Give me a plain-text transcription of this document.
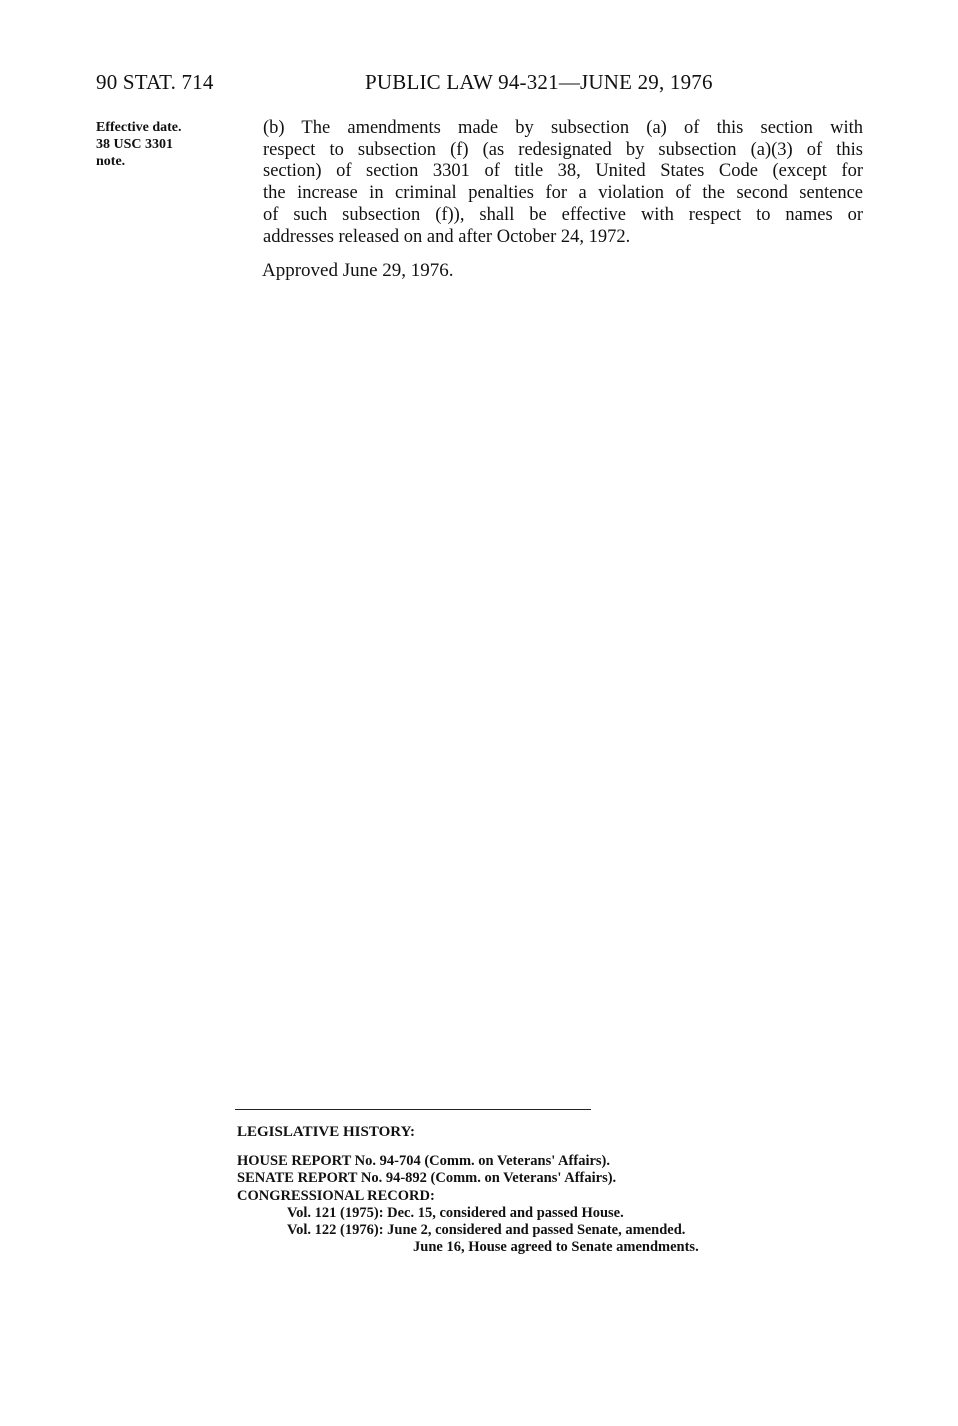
90 STAT. 714	PUBLIC LAW 94-321—JUNE 29, 1976
Effective date.
38 USC 3301
note.
(b) The amendments made by subsection (a) of this section with
respect to subsection (f) (as redesignated by subsection (a)(3) of this
section) of section 3301 of title 38, United States Code (except for
the increase in criminal penalties for a violation of the second sentence
of such subsection (f)), shall be effective with respect to names or
addresses released on and after October 24, 1972.
Approved June 29, 1976.
LEGISLATIVE HISTORY:
HOUSE REPORT No. 94-704 (Comm. on Veterans' Affairs).
SENATE REPORT No. 94-892 (Comm. on Veterans' Affairs).
CONGRESSIONAL RECORD:
Vol. 121 (1975): Dec. 15, considered and passed House.
Vol. 122 (1976): June 2, considered and passed Senate, amended.
June 16, House agreed to Senate amendments.
